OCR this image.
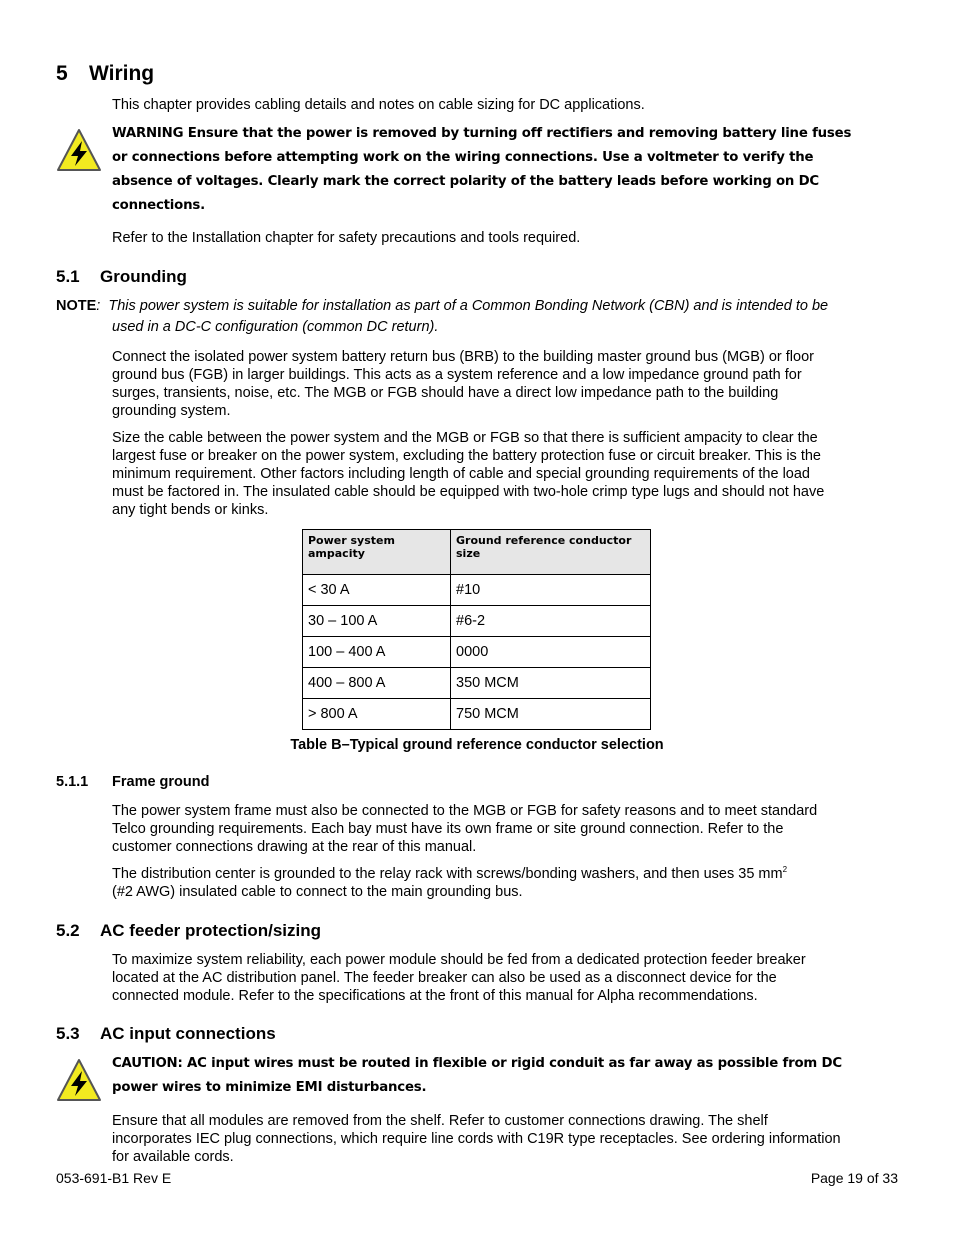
5 Wiring
This chapter provides cabling details and notes on cable sizing for DC applications.
WARNING Ensure that the power is removed by turning off rectifiers and removing battery line fuses
or connections before attempting work on the wiring connections. Use a voltmeter to verify the
absence of voltages. Clearly mark the correct polarity of the battery leads before working on DC
connections.
Refer to the Installation chapter for safety precautions and tools required.
5.1 Grounding
NOTE: This power system is suitable for installation as part of a Common Bonding Network (CBN) and is intended to be
used in a DC-C configuration (common DC return).
Connect the isolated power system battery return bus (BRB) to the building master ground bus (MGB) or floor
ground bus (FGB) in larger buildings. This acts as a system reference and a low impedance ground path for
surges, transients, noise, etc. The MGB or FGB should have a direct low impedance path to the building
grounding system.
Size the cable between the power system and the MGB or FGB so that there is sufficient ampacity to clear the
largest fuse or breaker on the power system, excluding the battery protection fuse or circuit breaker. This is the
minimum requirement. Other factors including length of cable and special grounding requirements of the load
must be factored in. The insulated cable should be equipped with two-hole crimp type lugs and should not have
any tight bends or kinks.
Power system ampacity	Ground reference conductor size
< 30 A	#10
30 – 100 A	#6-2
100 – 400 A	0000
400 – 800 A	350 MCM
> 800 A	750 MCM
Table B–Typical ground reference conductor selection
5.1.1 Frame ground
The power system frame must also be connected to the MGB or FGB for safety reasons and to meet standard
Telco grounding requirements. Each bay must have its own frame or site ground connection. Refer to the
customer connections drawing at the rear of this manual.
The distribution center is grounded to the relay rack with screws/bonding washers, and then uses 35 $mm^2$
(#2 AWG) insulated cable to connect to the main grounding bus.
5.2 AC feeder protection/sizing
To maximize system reliability, each power module should be fed from a dedicated protection feeder breaker
located at the AC distribution panel. The feeder breaker can also be used as a disconnect device for the
connected module. Refer to the specifications at the front of this manual for Alpha recommendations.
5.3 AC input connections
CAUTION: AC input wires must be routed in flexible or rigid conduit as far away as possible from DC
power wires to minimize EMI disturbances.
Ensure that all modules are removed from the shelf. Refer to customer connections drawing. The shelf
incorporates IEC plug connections, which require line cords with C19R type receptacles. See ordering information
for available cords.
053-691-B1 Rev E	Page 19 of 33
